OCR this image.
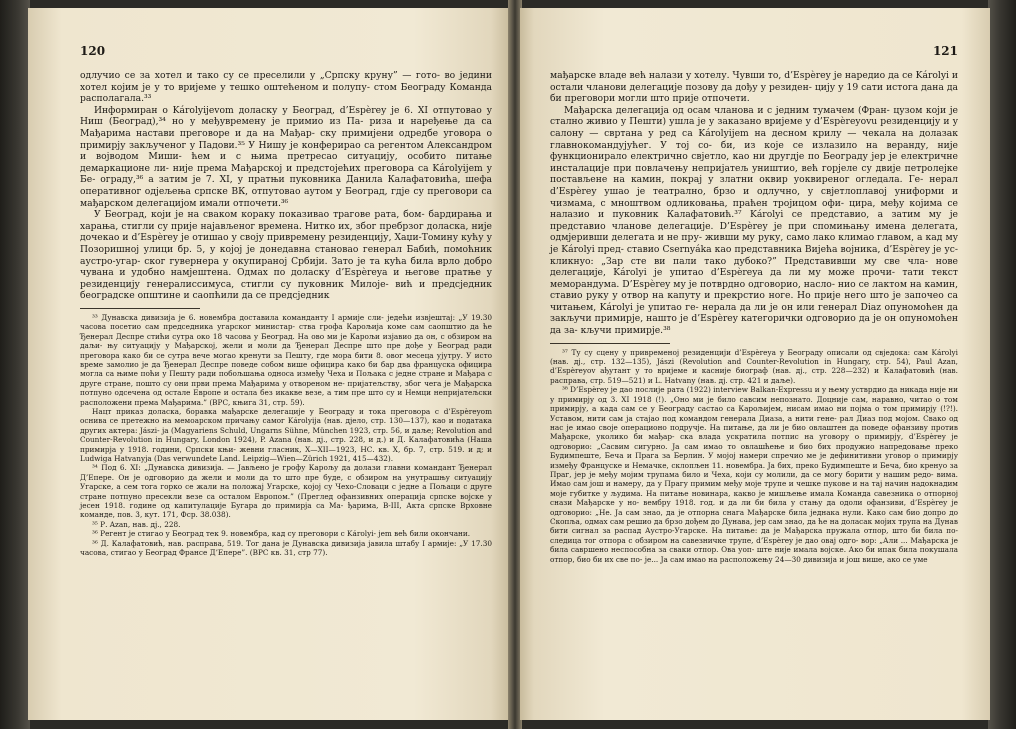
120

одлучио се за хотел и тако су се преселили у „Српску круну” — гото- во једини хотел којим је у то вријеме у тешко оштећеном и полупу- стом Београду Команда располагала.³³

Информиран о Károlyijevom доласку у Београд, d’Espèrey je 6. XI отпутовао у Ниш (Београд),³⁴ но у међувремену је примио из Па- риза и наређење да са Мађарима настави преговоре и да на Мађар- ску примијени одредбе уговора о примирју закљученог у Падови.³⁵ У Нишу је конферирао са регентом Александром и војводом Миши- ћем и с њима претресао ситуацију, особито питање демаркационе ли- није према Мађарској и предстојећих преговора са Károlyijem у Бе- ограду,³⁶ а затим је 7. XI, у пратњи пуковника Данила Калафатовића, шефа оперативног одјељења српске ВК, отпутовао аутом у Београд, гдје су преговори са мађарском делегацијом имали отпочети.³⁶

У Београд, који је на сваком кораку показивао трагове рата, бом- бардирања и харања, стигли су прије најављеног времена. Нитко их, због пребрзог доласка, није дочекао и d’Espèrey je отишао у своју привремену резиденцију, Хаџи-Томину кућу у Позоришној улици бр. 5, у којој је донедавна становао генерал Бабић, помоћник аустро-угар- ског гувернера у окупираној Србији. Зато је та кућа била врло добро чувана и удобно намјештена. Одмах по доласку d’Espèreya и његове пратње у резиденцију генералиссимуса, стигли су пуковник Милоје- вић и предсједник београдске општине и саопћили да се предсједник

³³ Дунавска дивизија је 6. новембра доставила команданту I армије сли- једећи извјештај: „У 19.30 часова посетио сам председника угарског министар- ства грофа Карољија коме сам саопштио да ће Ђенерал Деспре стићи сутра око 18 часова у Београд. На ово ми је Карољи изјавио да он, с обзиром на даљи- њу ситуацију у Мађарској, жели и моли да Ђенерал Деспре што пре дође у Београд ради преговора како би се сутра вече могао кренути за Пешту, где мора бити 8. овог месеца ујутру. У исто време замолио је да Ђенерал Деспре поведе собом више официра како би бар два француска официра могла са њиме поћи у Пешту ради побољшања односа између Чеха и Пољака с једне стране и Мађара с друге стране, пошто су они први према Мађарима у отвореном не- пријатељству, због чега је Мађарска потпуно одсечена од остале Европе и остала без икакве везе, а тим пре што су и Немци непријатељски расположени према Мађарима.” (ВРС, књига 31, стр. 59).

Нацт приказ доласка, боравка мађарске делегације у Београду и тока преговора с d’Espèreyom оснива се претежно на мемоарском причању самог Károlyija (нав. дјело, стр. 130—137), као и података других актера: Jászi- ja (Magyariens Schuld, Ungarns Sühne, München 1923, стр. 56, и даље; Revolution and Counter-Revolution in Hungary, London 1924), P. Azana (нав. дј., стр. 228, и д.) и Д. Калафатовића (Наша примирја у 1918. години, Српски књи- жевни гласник, Х—XII—1923, НС. кв. X, бр. 7, стр. 519. и д; и Ludwiga Hatvanyja (Das verwundete Land. Leipzig—Wien—Zürich 1921, 415—432).

³⁴ Под 6. XI: „Дунавска дивизија. — Јављено је грофу Карољу да долази главни командант Ђенерал Д’Епере. Он је одговорио да жели и моли да то што пре буде, с обзиром на унутрашњу ситуацију Угарске, а сем тога горко се жали на положај Угарске, којој су Чехо-Словаци с једне а Пољаци с друге стране потпуно пресекли везе са осталом Европом.” (Преглед офанзивних операција српске војске у јесен 1918. године од капитулације Бугара до примирја са Ма- ђарима, В-III, Акта српске Врховне команде, пов. 3, кут. 171, Фср. 38.038).

³⁵ Р. Azan, нав. дј., 228.

³⁶ Регент је стигао у Београд тек 9. новембра, кад су преговори с Károlyi- jem већ били окончани.

³⁶ Д. Калафатовић, нав. расправа, 519. Тог дана је Дунавска дивизија јавила штабу I армије: „У 17.30 часова, стигао у Београд Франсе Д’Епере”. (ВРС кв. 31, стр 77).

121

мађарске владе већ налази у хотелу. Чувши то, d’Espèrey je наредио да се Károlyi и остали чланови делегације позову да дођу у резиден- цију у 19 сати истога дана да би преговори могли што прије отпочети.

Мађарска делегација од осам чланова и с једним тумачем (Фран- цузом који је стално живио у Пешти) ушла је у заказано вријеме у d’Espèreyovu резиденцију и у салону — свртана у ред са Károlyijem на десном крилу — чекала на долазак главнокомандујућег. У тој со- би, из које се излазило на веранду, није функционирало електрично свјетло, као ни другдје по Београду јер је електричне инсталације при повлачењу непријатељ уништио, већ горјеле су двије петролејке постављене на камин, покрај у златни оквир уоквиреног огледала. Ге- нерал d’Espèrey ушао је театрално, брзо и одлучно, у свјетлоплавој униформи и чизмама, с мноштвом одликовања, праћен тројицом офи- цира, међу којима се налазио и пуковник Калафатовић.³⁷ Károlyi се представио, а затим му је представио чланове делегације. D’Espèrey je при спомињању имена делегата, одмјеривши делегата и не пру- живши му руку, само лако климао главом, а кад му је Károlyi пред- ставио Csernyáka као представника Вијећа војника, d’Espèrey je ус- кликнуо: „Зар сте ви пали тако дубоко?” Представивши му све чла- нове делегације, Károlyi je упитао d’Espèreya да ли му може прочи- тати текст меморандума. D’Espèrey му је потврдно одговорио, насло- нио се лактом на камин, ставио руку у отвор на капуту и прекрстио ноге. Но прије него што је започео са читањем, Károlyi je упитао ге- нерала да ли је он или генерал Diaz опуномоћен да закључи примирје, нашто је d’Espèrey категорички одговорио да је он опуномоћен да за- кључи примирје.³⁸

³⁷ Ту су сцену у привременој резиденцији d’Espèreya у Београду описали од свједока: сам Károlyi (нав. дј., стр. 132—135), Jászi (Revolution and Counter-Revolution in Hungary, стр. 54), Paul Azan, d’Espèreyov ађутант у то вријеме и касније биограф (нав. дј., стр. 228—232) и Калафатовић (нав. расправа, стр. 519—521) и L. Hatvany (нав. дј. стр. 421 и даље).

³⁸ D’Espèrey je дао послије рата (1922) interview Balkan-Expressu и у њему устврдио да никада није ни у примирју од 3. XI 1918 (!). „Оно ми је било савсим непознато. Доцније сам, наравно, читао о том примирју, а када сам се у Београду састао са Карољијем, нисам имао ни појма о том примирју (!?!). Уставом, нити сам ја стајао под командом генерала Диаза, а нити гене- рал Диаз под мојом. Свако од нас је имао своје операционо подручје. На питање, да ли је био овлаштен да поведе офанзиву против Мађарске, уколико би мађар- ска влада ускратила потпис на уговору о примирју, d’Espèrey je одговорио: „Сасвим сигурно. Ја сам имао то овлашћење и био бих продужио напредовање преко Будимпеште, Беча и Прага за Берлин. У мојој намери спречио ме је дефинитивни уговор о примирју између Француске и Немачке, склопљен 11. новембра. Ја бих, преко Будимпеште и Беча, био кренуо за Праг, јер је међу мојим трупама било и Чеха, који су молили, да се могу борити у нашим редо- вима. Имао сам још и намеру, да у Прагу примим међу моје трупе и чешке пукове и на тај начин надокнадим моје губитке у људима. На питање новинара, какво је мишљење имала Команда савезника о отпорној снази Мађарске у но- вембру 1918. год. и да ли би била у стању да одоли офанзиви, d’Espèrey je одговорио: „Не. Ја сам знао, да је отпорна снага Мађарске била једнака нули. Како сам био допро до Скопља, одмах сам решио да брзо дођем до Дунава, јер сам знао, да ће на доласак мојих трупа на Дунав бити сигнал за распад Аустро-Угарске. На питање: да је Мађарска пружала отпор, што би била по- следица тог отпора с обзиром на савезничке трупе, d’Espèrey je дао овај одго- вор: „Али ... Мађарска је била савршено неспособна за сваки отпор. Ова уоп- ште није имала војске. Ако би ипак била покушала отпор, био би их све по- је... Ја сам имао на расположењу 24—30 дивизија и још више, ако се уме
